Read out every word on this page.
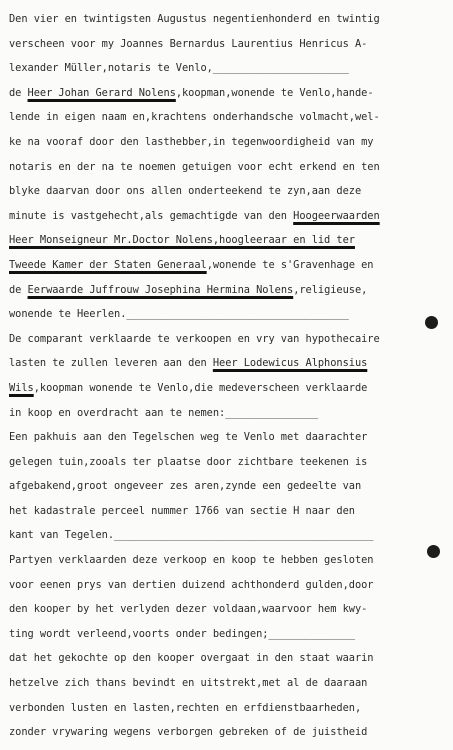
Den vier en twintigsten Augustus negentienhonderd en twintig
verscheen voor my Joannes Bernardus Laurentius Henricus A-
lexander Müller,notaris te Venlo,______________________
de Heer Johan Gerard Nolens,koopman,wonende te Venlo,hande-
lende in eigen naam en,krachtens onderhandsche volmacht,wel-
ke na vooraf door den lasthebber,in tegenwoordigheid van my
notaris en der na te noemen getuigen voor echt erkend en ten
blyke daarvan door ons allen onderteekend te zyn,aan deze
minute is vastgehecht,als gemachtigde van den Hoogeerwaarden
Heer Monseigneur Mr.Doctor Nolens,hoogleeraar en lid ter
Tweede Kamer der Staten Generaal,wonende te s'Gravenhage en
de Eerwaarde Juffrouw Josephina Hermina Nolens,religieuse,
wonende te Heerlen.____________________________________
De comparant verklaarde te verkoopen en vry van hypothecaire
lasten te zullen leveren aan den Heer Lodewicus Alphonsius
Wils,koopman wonende te Venlo,die medeverscheen verklaarde
in koop en overdracht aan te nemen:_______________
Een pakhuis aan den Tegelschen weg te Venlo met daarachter
gelegen tuin,zooals ter plaatse door zichtbare teekenen is
afgebakend,groot ongeveer zes aren,zynde een gedeelte van
het kadastrale perceel nummer 1766 van sectie H naar den
kant van Tegelen.__________________________________________
Partyen verklaarden deze verkoop en koop te hebben gesloten
voor eenen prys van dertien duizend achthonderd gulden,door
den kooper by het verlyden dezer voldaan,waarvoor hem kwy-
ting wordt verleend,voorts onder bedingen;______________
dat het gekochte op den kooper overgaat in den staat waarin
hetzelve zich thans bevindt en uitstrekt,met al de daaraan
verbonden lusten en lasten,rechten en erfdienstbaarheden,
zonder vrywaring wegens verborgen gebreken of de juistheid
